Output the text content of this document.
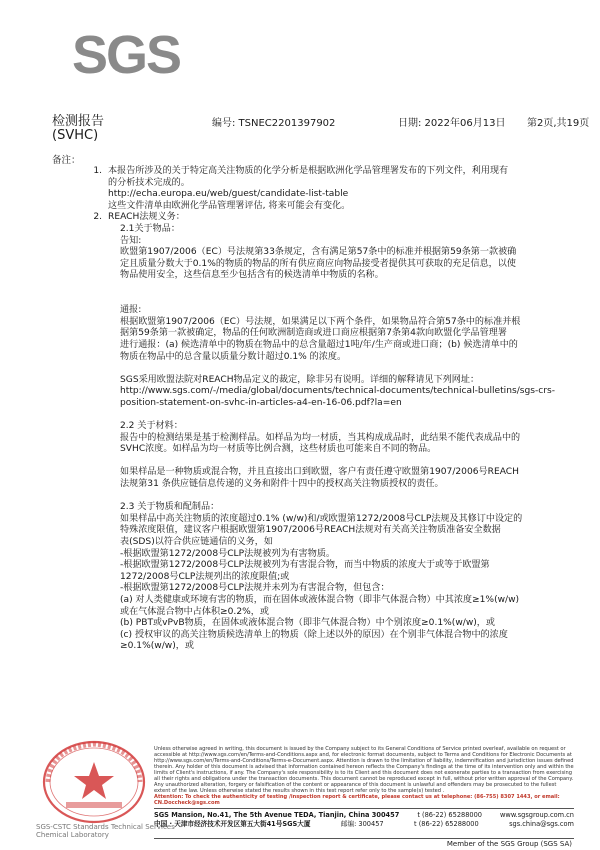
SGS
检测报告
(SVHC)
编号: TSNEC2201397902	日期: 2022年06月13日 第2页,共19页
备注：

1. 本报告所涉及的关于特定高关注物质的化学分析是根据欧洲化学品管理署发布的下列文件，利用现有

的分析技术完成的。

http://echa.europa.eu/web/guest/candidate-list-table

这些文件清单由欧洲化学品管理署评估, 将来可能会有变化。

2. REACH法规义务：

2.1关于物品：

告知:

欧盟第1907/2006（EC）号法规第33条规定，含有满足第57条中的标准并根据第59条第一款被确

定且质量分数大于0.1%的物质的物品的所有供应商应向物品接受者提供其可获取的充足信息，以使

物品使用安全，这些信息至少包括含有的候选清单中物质的名称。

通报:

根据欧盟第1907/2006（EC）号法规，如果满足以下两个条件，如果物品符合第57条中的标准并根

据第59条第一款被确定，物品的任何欧洲制造商或进口商应根据第7条第4款向欧盟化学品管理署

进行通报：(a) 候选清单中的物质在物品中的总含量超过1吨/年/生产商或进口商；(b) 候选清单中的

物质在物品中的总含量以质量分数计超过0.1% 的浓度。

SGS采用欧盟法院对REACH物品定义的裁定，除非另有说明。详细的解释请见下列网址：

http://www.sgs.com/-/media/global/documents/technical-documents/technical-bulletins/sgs-crs-

position-statement-on-svhc-in-articles-a4-en-16-06.pdf?la=en

2.2 关于材料：

报告中的检测结果是基于检测样品。如样品为均一材质，当其构成成品时，此结果不能代表成品中的

SVHC浓度。如样品为均一材质等比例合测，这些材质也可能来自不同的物品。

如果样品是一种物质或混合物，并且直接出口到欧盟，客户有责任遵守欧盟第1907/2006号REACH

法规第31 条供应链信息传递的义务和附件十四中的授权高关注物质授权的责任。

2.3 关于物质和配制品：

如果样品中高关注物质的浓度超过0.1% (w/w)和/或欧盟第1272/2008号CLP法规及其修订中设定的

特殊浓度限值，建议客户根据欧盟第1907/2006号REACH法规对有关高关注物质准备安全数据

表(SDS)以符合供应链通信的义务，如

-根据欧盟第1272/2008号CLP法规被列为有害物质。

-根据欧盟第1272/2008号CLP法规被列为有害混合物，而当中物质的浓度大于或等于欧盟第

1272/2008号CLP法规列出的浓度限值;或

-根据欧盟第1272/2008号CLP法规并未列为有害混合物，但包含：

(a) 对人类健康或环境有害的物质，而在固体或液体混合物（即非气体混合物）中其浓度≥1%(w/w)

或在气体混合物中占体积≥0.2%，或

(b) PBT或vPvB物质，在固体或液体混合物（即非气体混合物）中个别浓度≥0.1%(w/w)，或

(c) 授权审议的高关注物质候选清单上的物质（除上述以外的原因）在个别非气体混合物中的浓度

≥0.1%(w/w)，或

SGS-CSTC Standards Technical Services
Chemical Laboratory
Unless otherwise agreed in writing, this document is issued by the Company subject to its General Conditions of Service printed overleaf, available on request or accessible at http://www.sgs.com/en/Terms-and-Conditions.aspx and, for electronic format documents, subject to Terms and Conditions for Electronic Documents at http://www.sgs.com/en/Terms-and-Conditions/Terms-e-Document.aspx. Attention is drawn to the limitation of liability, indemnification and jurisdiction issues defined therein. Any holder of this document is advised that information contained hereon reflects the Company's findings at the time of its intervention only and within the limits of Client's instructions, if any. The Company's sole responsibility is to its Client and this document does not exonerate parties to a transaction from exercising all their rights and obligations under the transaction documents. This document cannot be reproduced except in full, without prior written approval of the Company. Any unauthorized alteration, forgery or falsification of the content or appearance of this document is unlawful and offenders may be prosecuted to the fullest extent of the law. Unless otherwise stated the results shown in this test report refer only to the sample(s) tested .
Attention: To check the authenticity of testing /inspection report & certificate, please contact us at telephone: (86-755) 8307 1443, or email: CN.Doccheck@sgs.com
SGS Mansion, No.41, The 5th Avenue TEDA, Tianjin, China 300457	t (86-22) 65288000	www.sgsgroup.com.cn
中国 · 天津市经济技术开发区第五大街41号SGS大厦	邮编: 300457	t (86-22) 65288000	sgs.china@sgs.com
Member of the SGS Group (SGS SA)
